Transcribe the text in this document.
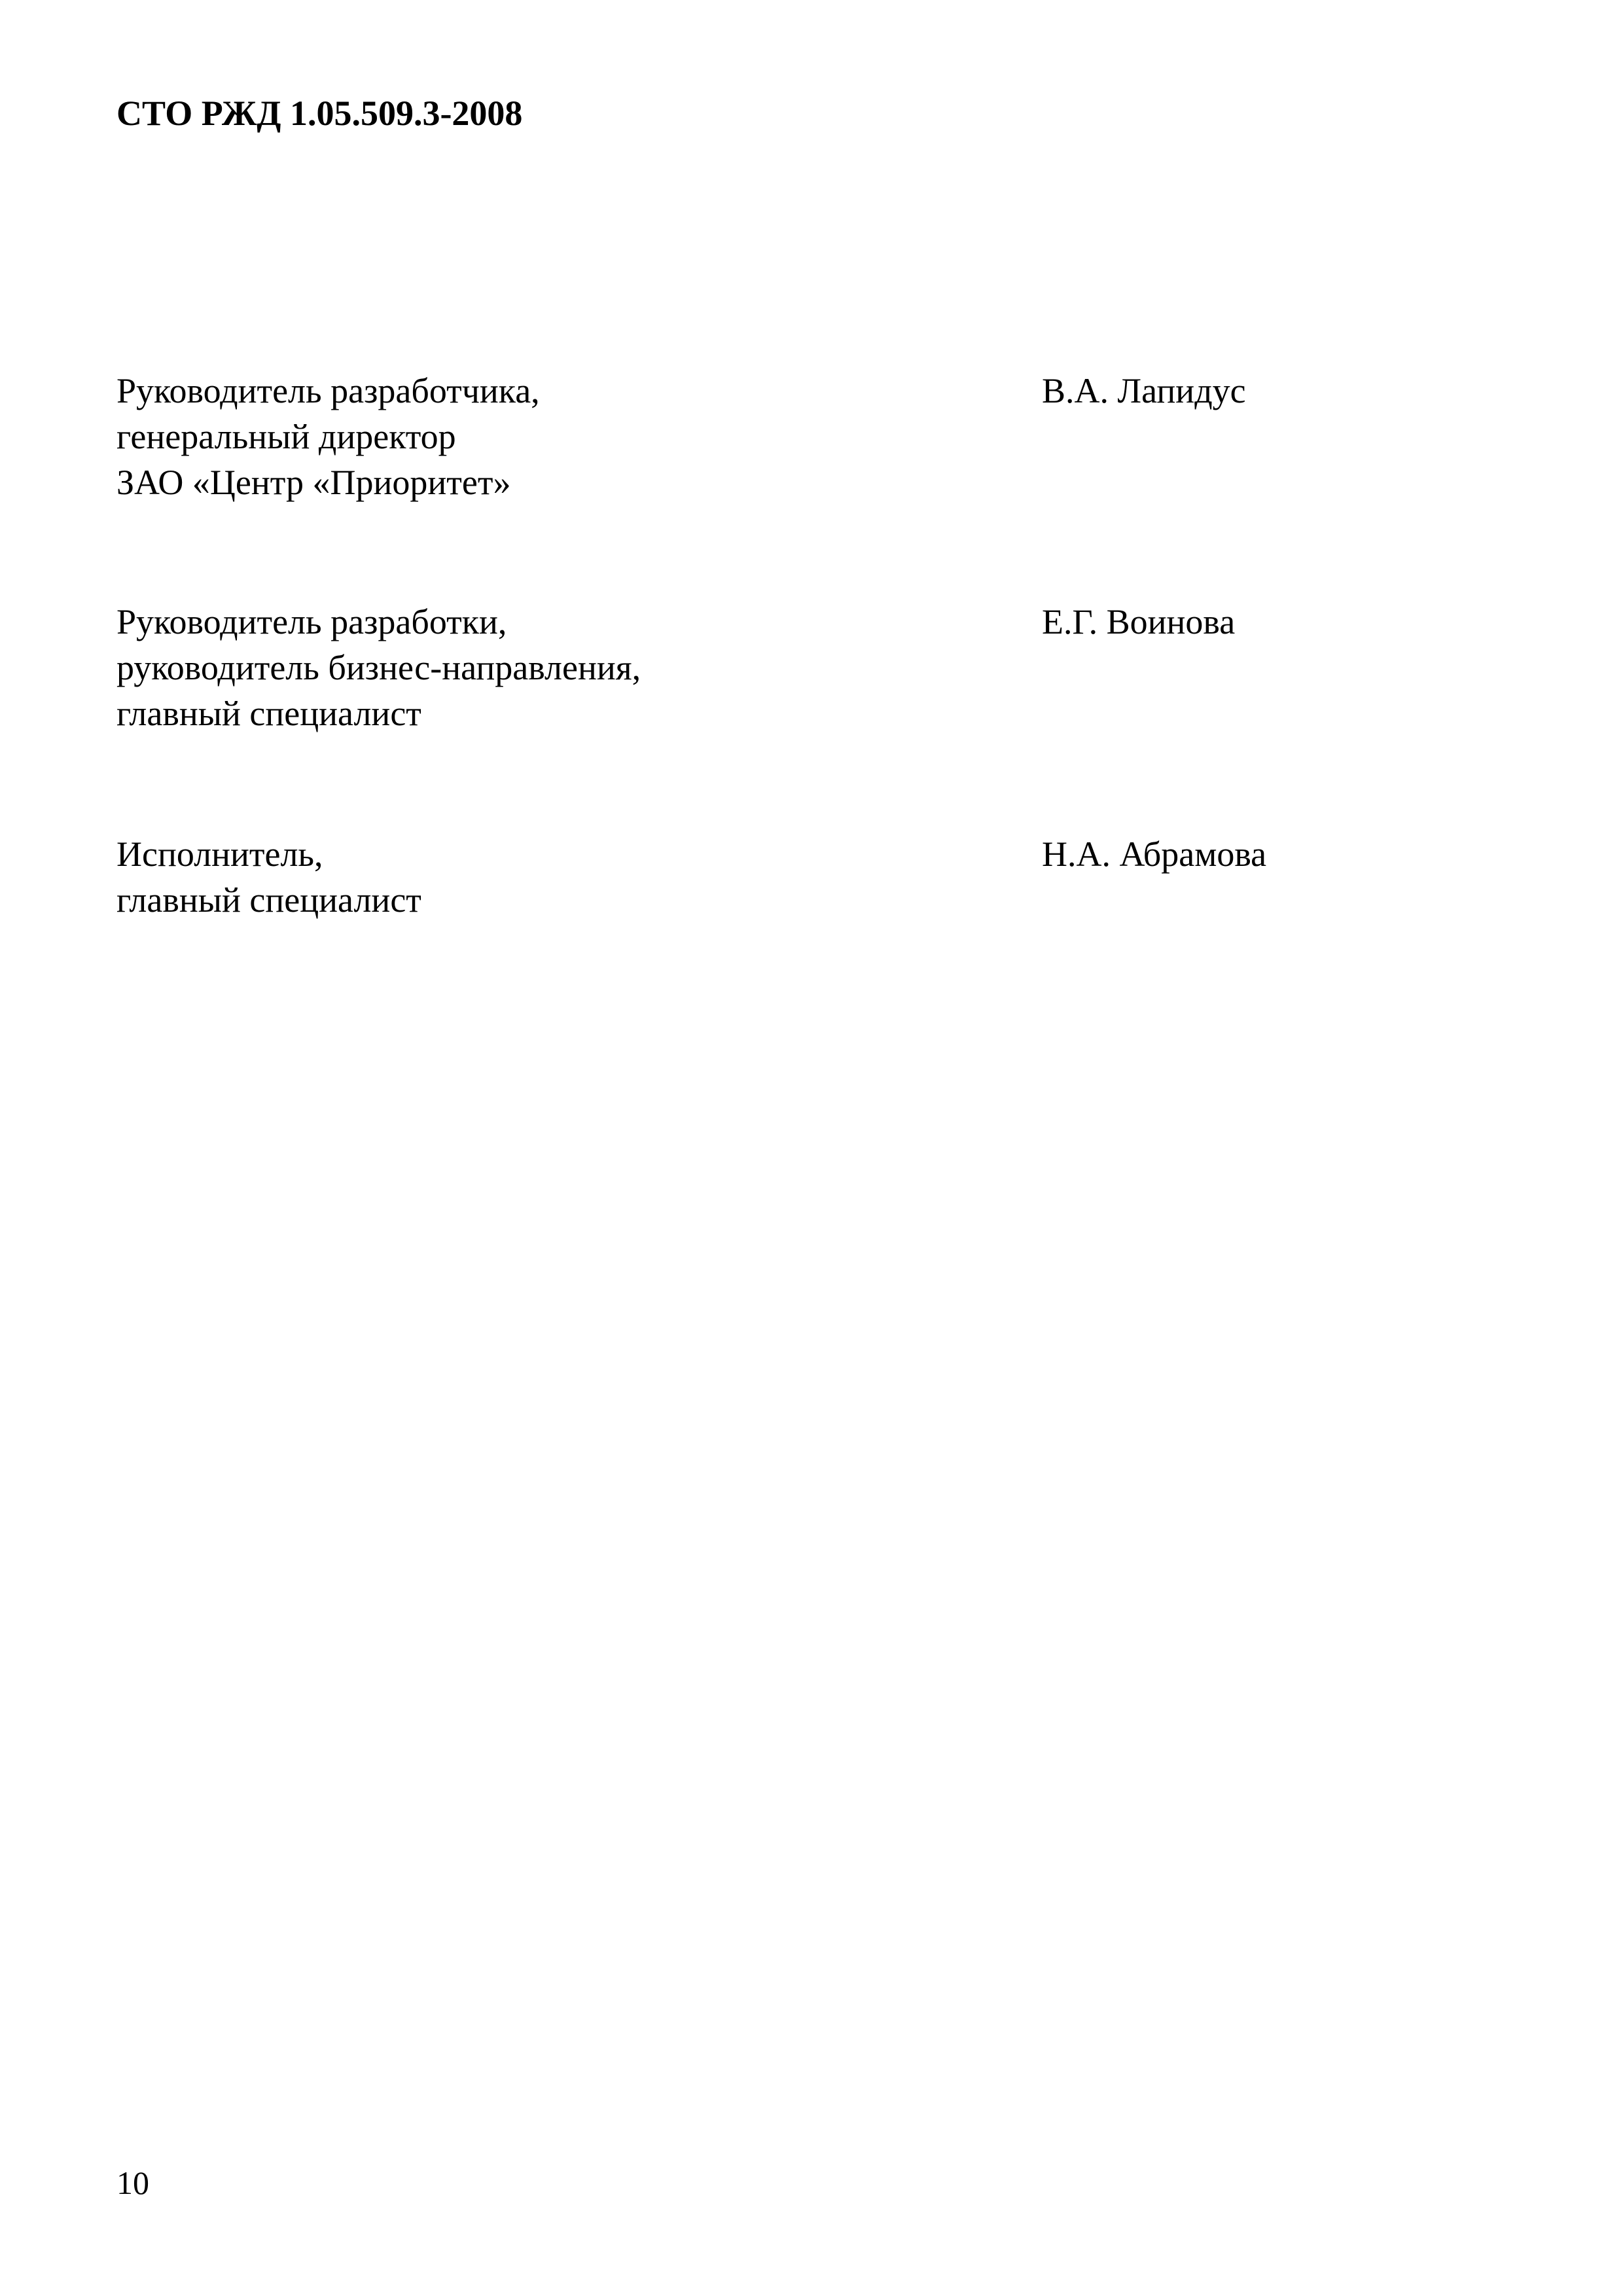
СТО РЖД 1.05.509.3-2008
Руководитель разработчика,
генеральный директор
ЗАО «Центр «Приоритет»
В.А. Лапидус
Руководитель разработки,
руководитель бизнес-направления,
главный специалист
Е.Г. Воинова
Исполнитель,
главный специалист
Н.А. Абрамова
10
